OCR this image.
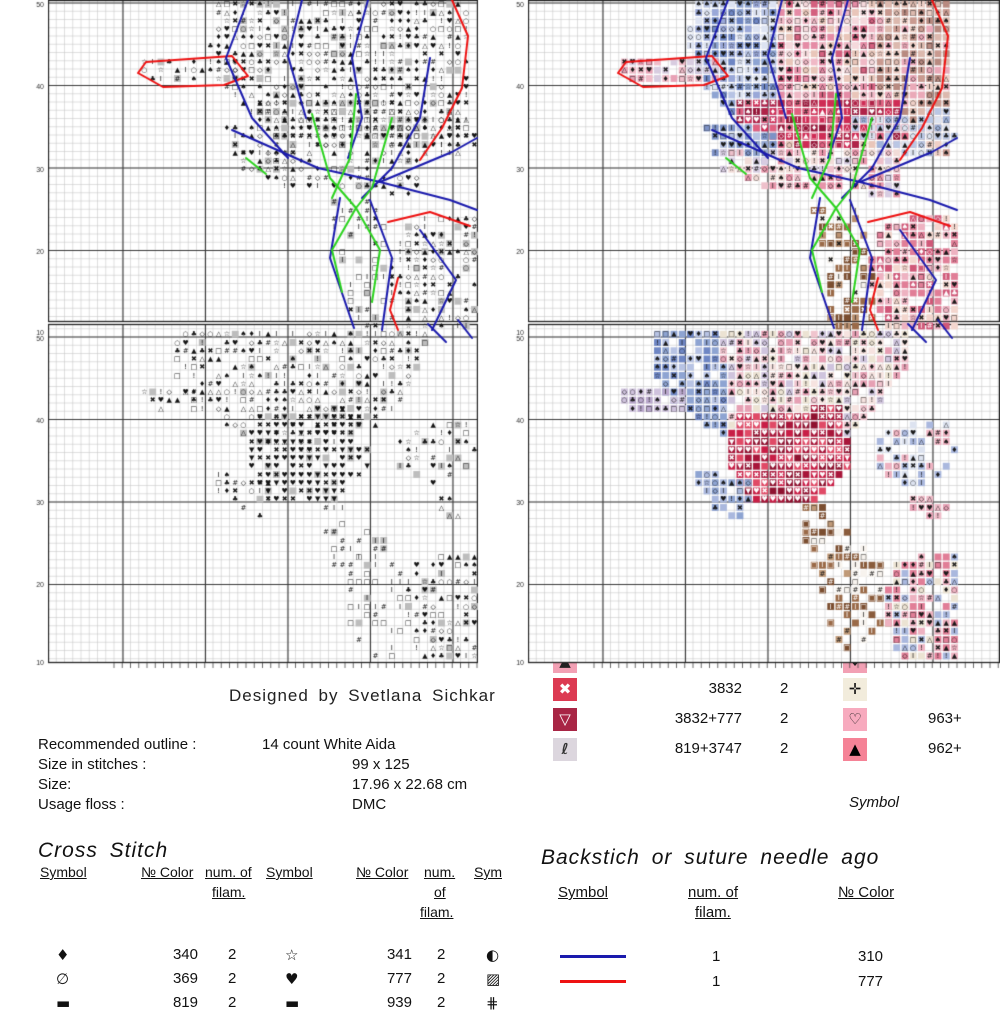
Designed by Svetlana Sichkar
Recommended outline :	14 count White Aida
Size in stitches :	99 x 125
Size:	17.96 x 22.68 cm
Usage floss :	DMC
✖	3832	2	✛
▽	3832+777	2	♡	963+
ℓ	819+3747	2	▲	962+
Symbol
Cross Stitch
Symbol	№ Color num. of
filam.
Symbol	№ Color num.
of
filam.
Sym
♦	340 2	☆	341 2	◐
∅	369 2	♥	777 2	▨
▬	819 2	▬	939 2	⋕
Backstich or suture needle ago
Symbol	num. of
filam.
№ Color
1	310
1	777
